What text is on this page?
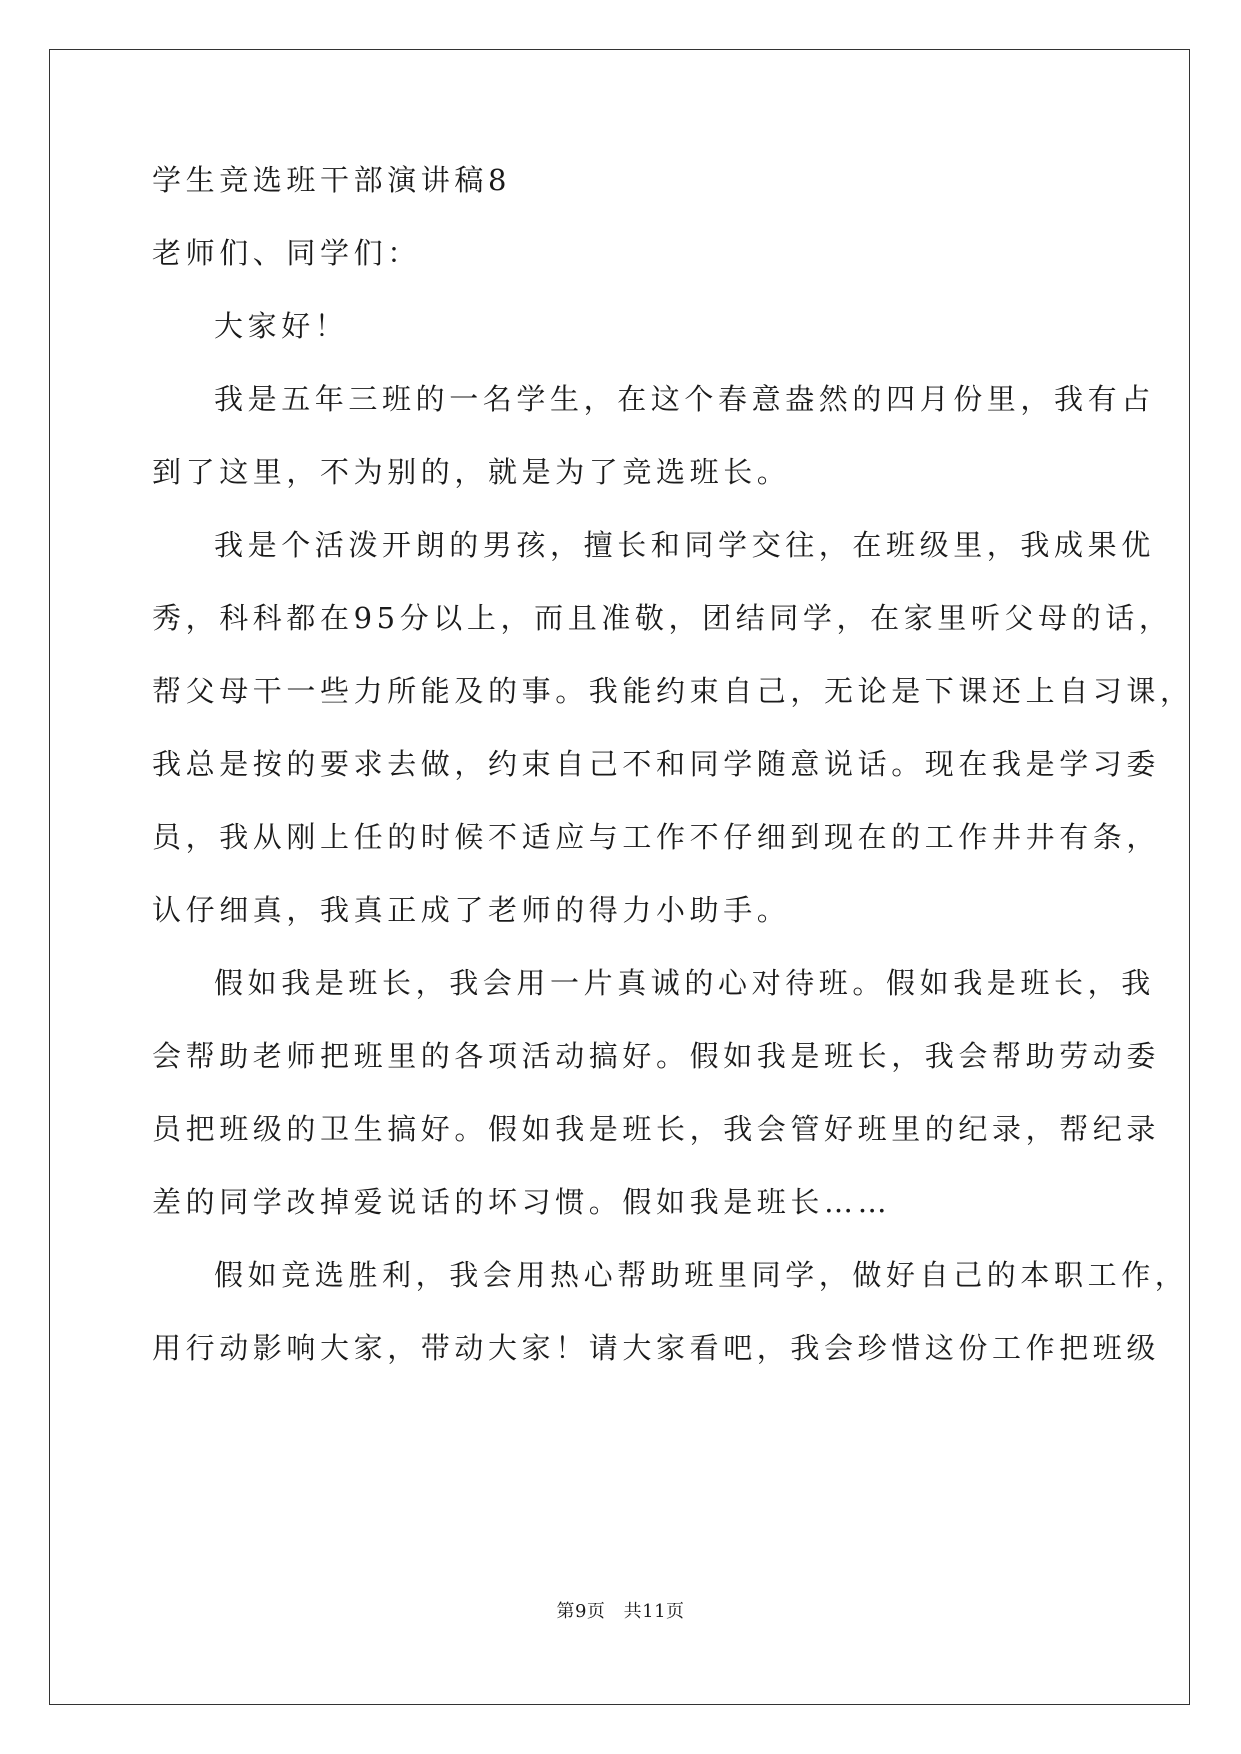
学生竞选班干部演讲稿8
老师们、同学们：
大家好！
我是五年三班的一名学生，在这个春意盎然的四月份里，我有占
到了这里，不为别的，就是为了竞选班长。
我是个活泼开朗的男孩，擅长和同学交往，在班级里，我成果优
秀，科科都在95分以上，而且准敬，团结同学，在家里听父母的话，
帮父母干一些力所能及的事。我能约束自己，无论是下课还上自习课，
我总是按的要求去做，约束自己不和同学随意说话。现在我是学习委
员，我从刚上任的时候不适应与工作不仔细到现在的工作井井有条，
认仔细真，我真正成了老师的得力小助手。
假如我是班长，我会用一片真诚的心对待班。假如我是班长，我
会帮助老师把班里的各项活动搞好。假如我是班长，我会帮助劳动委
员把班级的卫生搞好。假如我是班长，我会管好班里的纪录，帮纪录
差的同学改掉爱说话的坏习惯。假如我是班长……
假如竞选胜利，我会用热心帮助班里同学，做好自己的本职工作，
用行动影响大家，带动大家！请大家看吧，我会珍惜这份工作把班级
第9页 共11页
